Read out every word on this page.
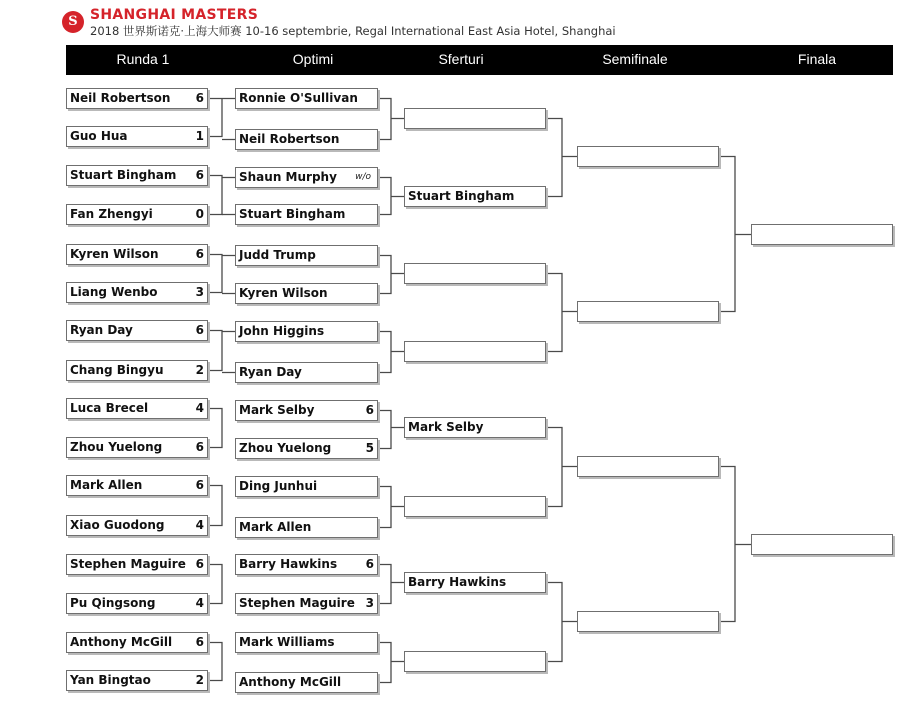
S SHANGHAI MASTERS
2018 世界斯诺克·上海大师赛 10-16 septembrie, Regal International East Asia Hotel, Shanghai
Runda 1	Optimi	Sferturi	Semifinale	Finala
Neil Robertson 6
Guo Hua	1
Stuart Bingham 6
Fan Zhengyi	0
Kyren Wilson	6
Liang Wenbo	3
Ryan Day	6
Chang Bingyu	2
Luca Brecel	4
Zhou Yuelong	6
Mark Allen	6
Xiao Guodong	4
Stephen Maguire 6
Pu Qingsong	4
Anthony McGill 6
Yan Bingtao	2
Ronnie O'Sullivan
Neil Robertson
Shaun Murphy w/o
Stuart Bingham
Judd Trump
Kyren Wilson
John Higgins
Ryan Day
Mark Selby	6
Zhou Yuelong	5
Ding Junhui
Mark Allen
Barry Hawkins 6
Stephen Maguire 3
Mark Williams
Anthony McGill
Stuart Bingham
Mark Selby
Barry Hawkins
